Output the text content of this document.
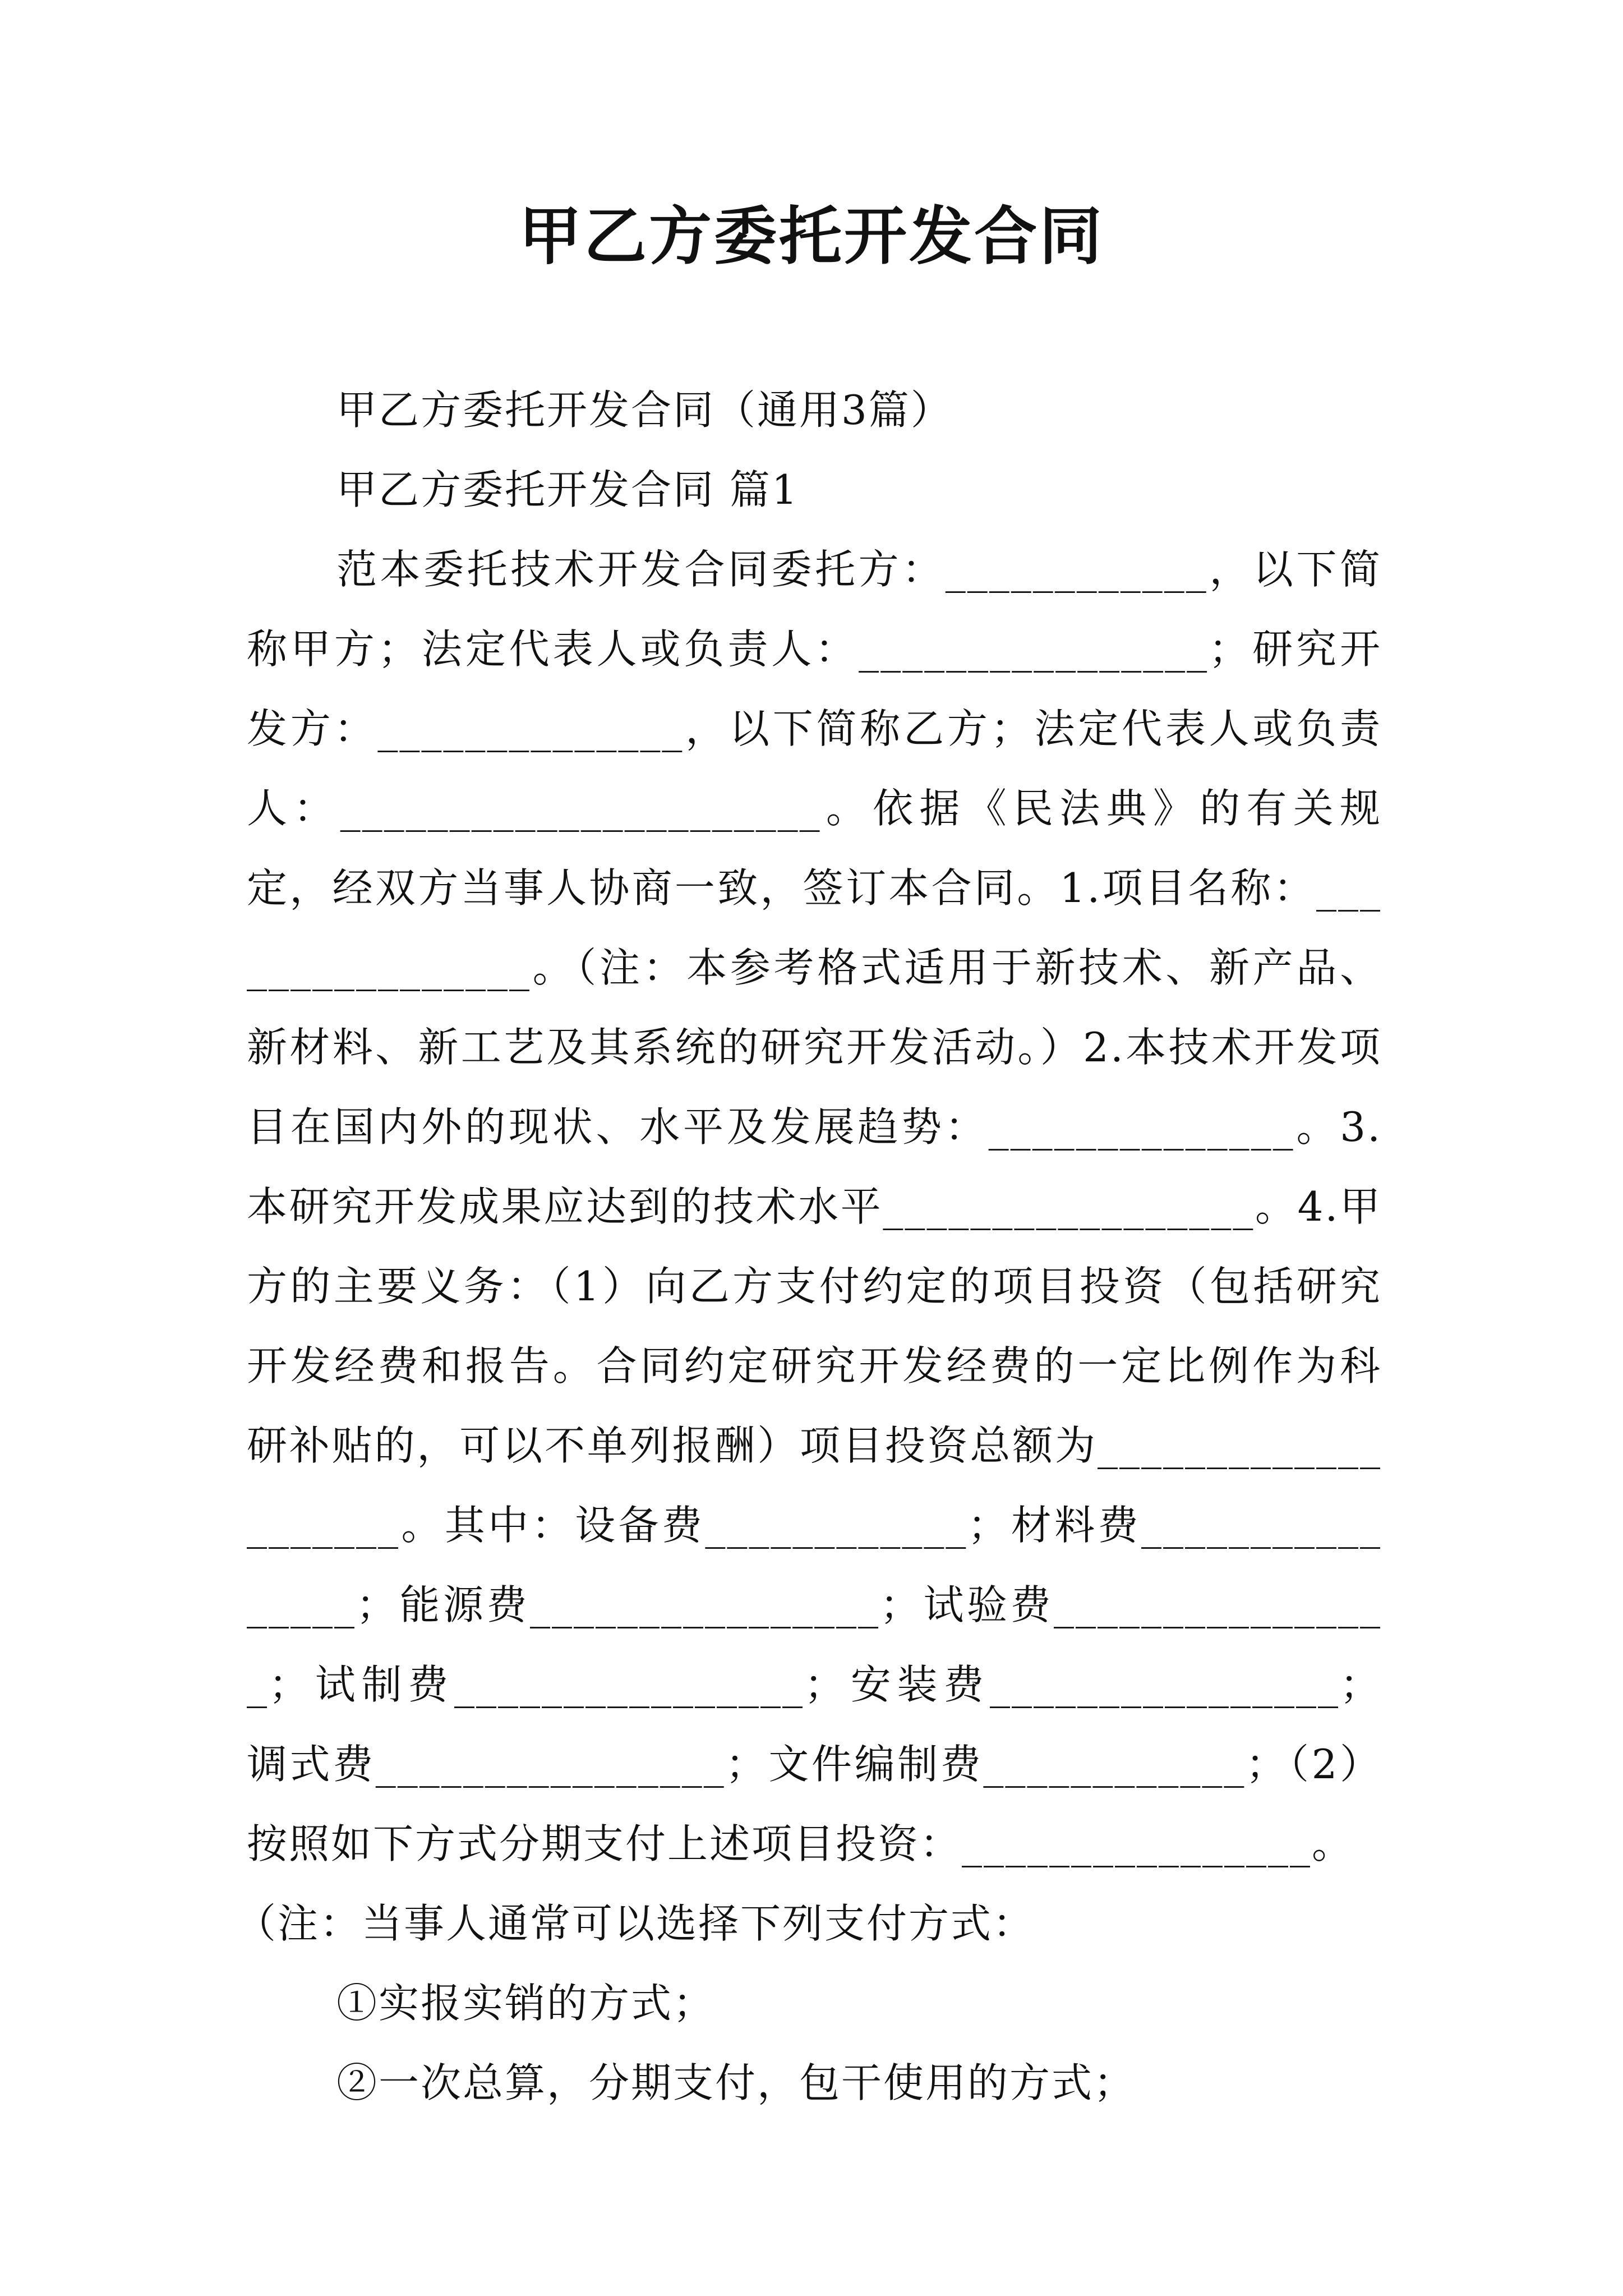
甲乙方委托开发合同

甲乙方委托开发合同（通用3篇）

甲乙方委托开发合同 篇1

范本委托技术开发合同委托方：____________，以下简称甲方；法定代表人或负责人：________________；研究开发方：______________，以下简称乙方；法定代表人或负责人：______________________。依据《民法典》的有关规定，经双方当事人协商一致，签订本合同。1.项目名称：________________。（注：本参考格式适用于新技术、新产品、新材料、新工艺及其系统的研究开发活动。）2.本技术开发项目在国内外的现状、水平及发展趋势：______________。3.本研究开发成果应达到的技术水平_________________。4.甲方的主要义务：（1）向乙方支付约定的项目投资（包括研究开发经费和报告。合同约定研究开发经费的一定比例作为科研补贴的，可以不单列报酬）项目投资总额为____________________。其中：设备费____________；材料费________________；能源费________________；试验费________________；试制费________________；安装费________________；调式费________________；文件编制费____________；（2）按照如下方式分期支付上述项目投资：________________。

（注：当事人通常可以选择下列支付方式：

①实报实销的方式；

②一次总算，分期支付，包干使用的方式；
